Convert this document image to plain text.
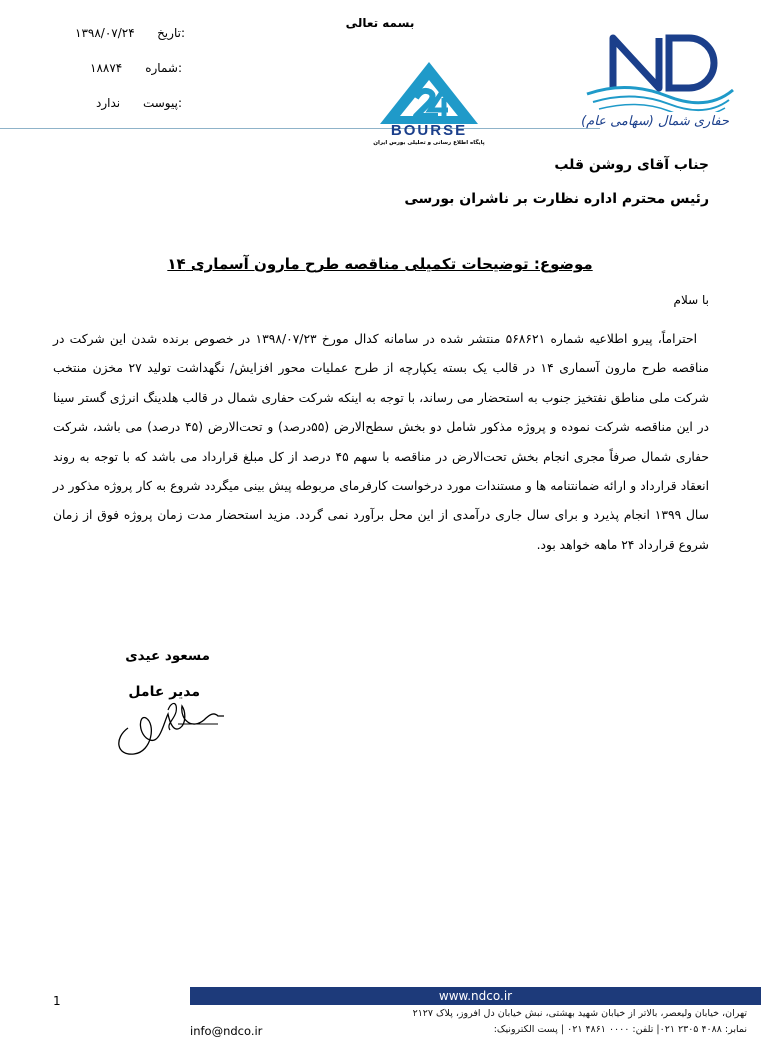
۱۳۹۸/۰۷/۲۴ تاریخ:
۱۸۸۷۴ شماره:
ندارد پیوست:
بسمه تعالی
BOURSE
پایگاه اطلاع رسانی و تحلیلی بورس ایران
حفاری شمال (سهامی عام)
جناب آقای روشن قلب
رئیس محترم اداره نظارت بر ناشران بورسی
موضوع: توضیحات تکمیلی مناقصه طرح مارون آسماری ۱۴
با سلام

احتراماً، پیرو اطلاعیه شماره ۵۶۸۶۲۱ منتشر شده در سامانه کدال مورخ ۱۳۹۸/۰۷/۲۳ در خصوص برنده شدن این شرکت در مناقصه طرح مارون آسماری ۱۴ در قالب یک بسته یکپارچه از طرح عملیات محور افزایش/ نگهداشت تولید ۲۷ مخزن منتخب شرکت ملی مناطق نفتخیز جنوب به استحضار می رساند، با توجه به اینکه شرکت حفاری شمال در قالب هلدینگ انرژی گستر سینا در این مناقصه شرکت نموده و پروژه مذکور شامل دو بخش سطح‌الارض (۵۵درصد) و تحت‌الارض (۴۵ درصد) می باشد، شرکت حفاری شمال صرفاً مجری انجام بخش تحت‌الارض در مناقصه با سهم ۴۵ درصد از کل مبلغ قرارداد می باشد که با توجه به روند انعقاد قرارداد و ارائه ضمانتنامه ها و مستندات مورد درخواست کارفرمای مربوطه پیش بینی میگردد شروع به کار پروژه مذکور در سال ۱۳۹۹ انجام پذیرد و برای سال جاری درآمدی از این محل برآورد نمی گردد. مزید استحضار مدت زمان پروژه فوق از زمان شروع قرارداد ۲۴ ماهه خواهد بود.

مسعود عیدی
مدیر عامل
1	www.ndco.ir
تهران، خیابان ولیعصر، بالاتر از خیابان شهید بهشتی، نبش خیابان دل افروز، پلاک ۲۱۲۷
نمابر: ۴۰۸۸ ۲۳۰۵ ۰۲۱| تلفن: ۰۰۰۰ ۴۸۶۱ ۰۲۱ | پست الکترونیک:
info@ndco.ir
